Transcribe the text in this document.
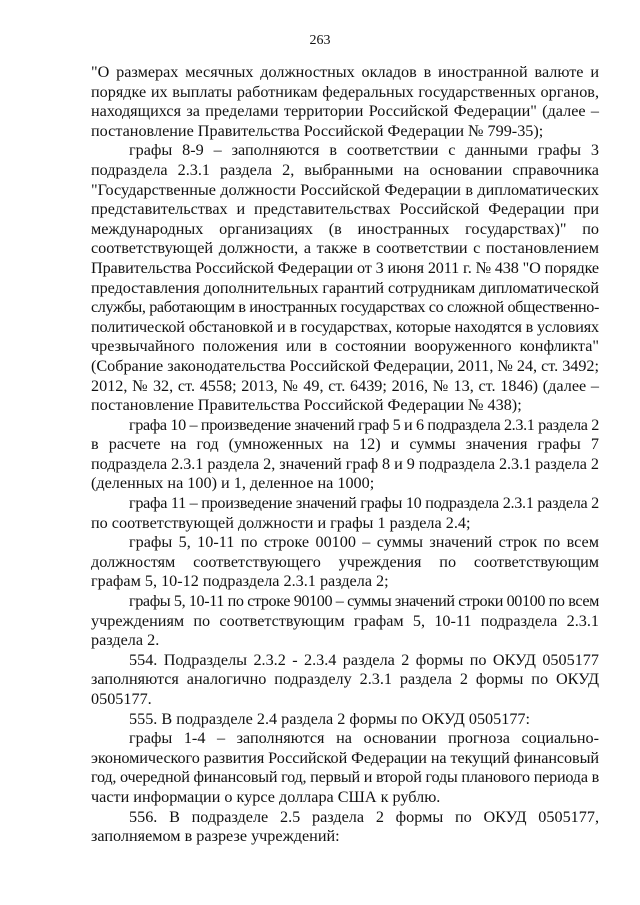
263
"О размерах месячных должностных окладов в иностранной валюте и
порядке их выплаты работникам федеральных государственных органов,
находящихся за пределами территории Российской Федерации" (далее –
постановление Правительства Российской Федерации № 799-35);
графы 8-9 – заполняются в соответствии с данными графы 3
подраздела 2.3.1 раздела 2, выбранными на основании справочника
"Государственные должности Российской Федерации в дипломатических
представительствах и представительствах Российской Федерации при
международных организациях (в иностранных государствах)" по
соответствующей должности, а также в соответствии с постановлением
Правительства Российской Федерации от 3 июня 2011 г. № 438 "О порядке
предоставления дополнительных гарантий сотрудникам дипломатической
службы, работающим в иностранных государствах со сложной общественно-
политической обстановкой и в государствах, которые находятся в условиях
чрезвычайного положения или в состоянии вооруженного конфликта"
(Собрание законодательства Российской Федерации, 2011, № 24, ст. 3492;
2012, № 32, ст. 4558; 2013, № 49, ст. 6439; 2016, № 13, ст. 1846) (далее –
постановление Правительства Российской Федерации № 438);
графа 10 – произведение значений граф 5 и 6 подраздела 2.3.1 раздела 2
в расчете на год (умноженных на 12) и суммы значения графы 7
подраздела 2.3.1 раздела 2, значений граф 8 и 9 подраздела 2.3.1 раздела 2
(деленных на 100) и 1, деленное на 1000;
графа 11 – произведение значений графы 10 подраздела 2.3.1 раздела 2
по соответствующей должности и графы 1 раздела 2.4;
графы 5, 10-11 по строке 00100 – суммы значений строк по всем
должностям соответствующего учреждения по соответствующим
графам 5, 10-12 подраздела 2.3.1 раздела 2;
графы 5, 10-11 по строке 90100 – суммы значений строки 00100 по всем
учреждениям по соответствующим графам 5, 10-11 подраздела 2.3.1
раздела 2.
554. Подразделы 2.3.2 - 2.3.4 раздела 2 формы по ОКУД 0505177
заполняются аналогично подразделу 2.3.1 раздела 2 формы по ОКУД
0505177.
555. В подразделе 2.4 раздела 2 формы по ОКУД 0505177:
графы 1-4 – заполняются на основании прогноза социально-
экономического развития Российской Федерации на текущий финансовый
год, очередной финансовый год, первый и второй годы планового периода в
части информации о курсе доллара США к рублю.
556. В подразделе 2.5 раздела 2 формы по ОКУД 0505177,
заполняемом в разрезе учреждений:
